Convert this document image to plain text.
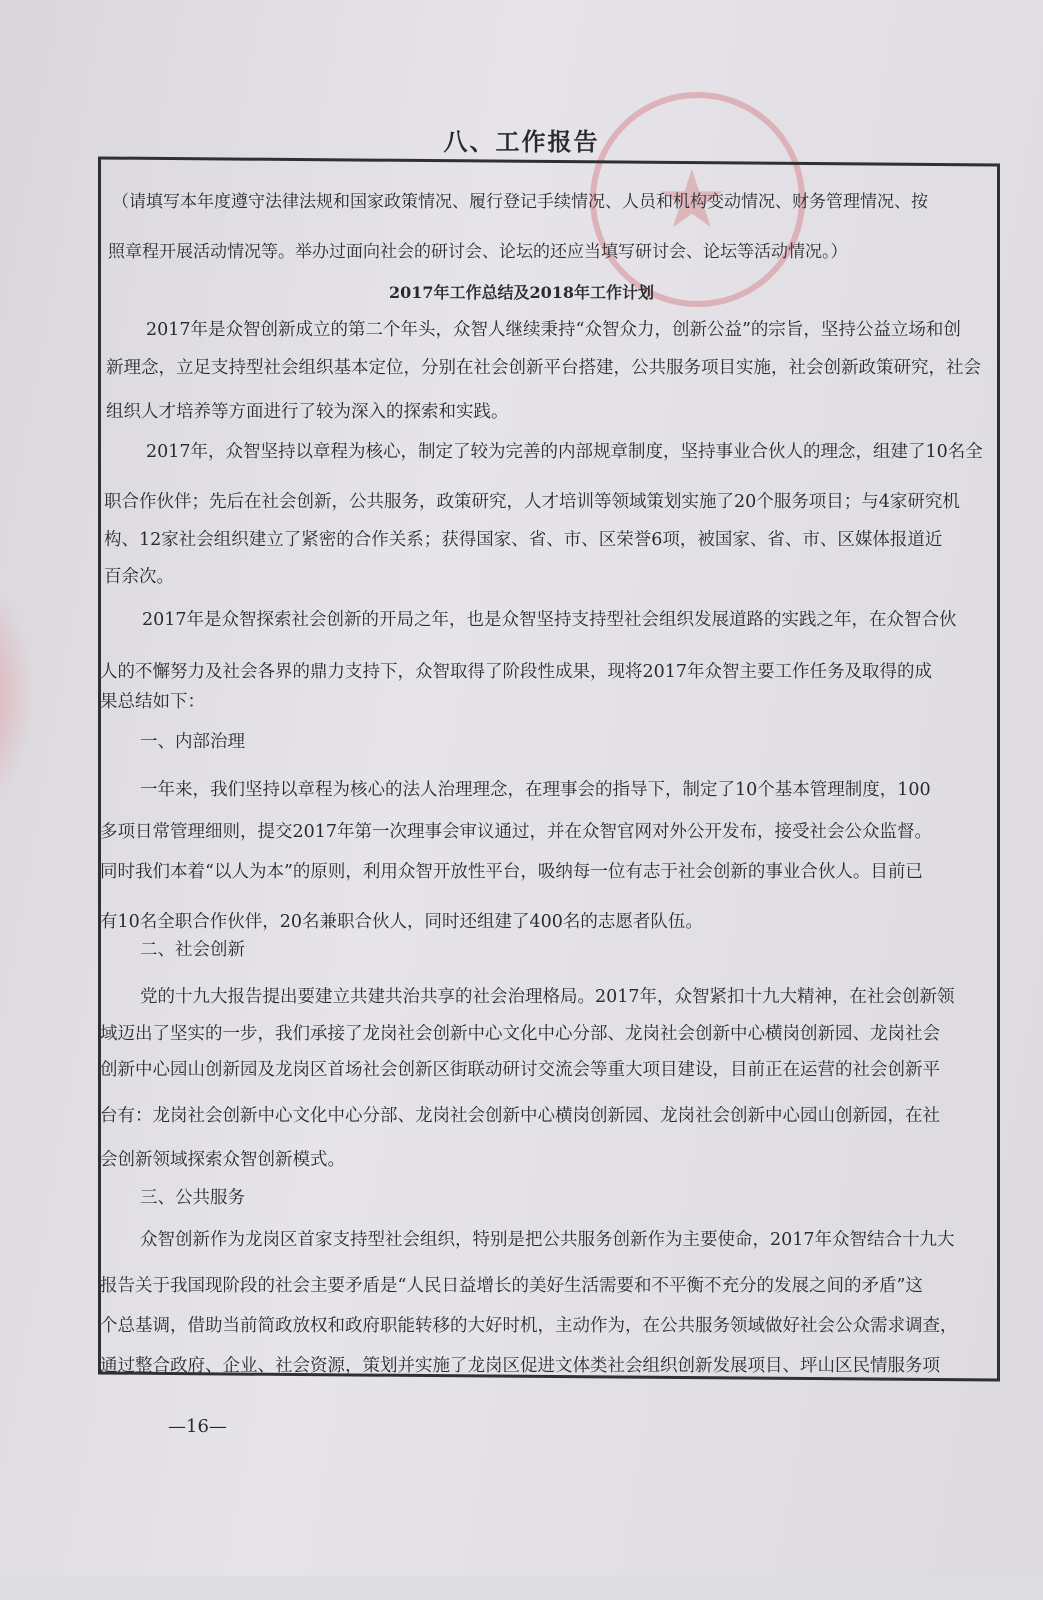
★
八、工作报告
（请填写本年度遵守法律法规和国家政策情况、履行登记手续情况、人员和机构变动情况、财务管理情况、按
照章程开展活动情况等。举办过面向社会的研讨会、论坛的还应当填写研讨会、论坛等活动情况。）
2017年工作总结及2018年工作计划
2017年是众智创新成立的第二个年头，众智人继续秉持“众智众力，创新公益”的宗旨，坚持公益立场和创
新理念，立足支持型社会组织基本定位，分别在社会创新平台搭建，公共服务项目实施，社会创新政策研究，社会
组织人才培养等方面进行了较为深入的探索和实践。
2017年，众智坚持以章程为核心，制定了较为完善的内部规章制度，坚持事业合伙人的理念，组建了10名全
职合作伙伴；先后在社会创新，公共服务，政策研究，人才培训等领域策划实施了20个服务项目；与4家研究机
构、12家社会组织建立了紧密的合作关系；获得国家、省、市、区荣誉6项，被国家、省、市、区媒体报道近
百余次。
2017年是众智探索社会创新的开局之年，也是众智坚持支持型社会组织发展道路的实践之年，在众智合伙
人的不懈努力及社会各界的鼎力支持下，众智取得了阶段性成果，现将2017年众智主要工作任务及取得的成
果总结如下：
一、内部治理
一年来，我们坚持以章程为核心的法人治理理念，在理事会的指导下，制定了10个基本管理制度，100
多项日常管理细则，提交2017年第一次理事会审议通过，并在众智官网对外公开发布，接受社会公众监督。
同时我们本着“以人为本”的原则，利用众智开放性平台，吸纳每一位有志于社会创新的事业合伙人。目前已
有10名全职合作伙伴，20名兼职合伙人，同时还组建了400名的志愿者队伍。
二、社会创新
党的十九大报告提出要建立共建共治共享的社会治理格局。2017年，众智紧扣十九大精神，在社会创新领
域迈出了坚实的一步，我们承接了龙岗社会创新中心文化中心分部、龙岗社会创新中心横岗创新园、龙岗社会
创新中心园山创新园及龙岗区首场社会创新区街联动研讨交流会等重大项目建设，目前正在运营的社会创新平
台有：龙岗社会创新中心文化中心分部、龙岗社会创新中心横岗创新园、龙岗社会创新中心园山创新园，在社
会创新领域探索众智创新模式。
三、公共服务
众智创新作为龙岗区首家支持型社会组织，特别是把公共服务创新作为主要使命，2017年众智结合十九大
报告关于我国现阶段的社会主要矛盾是“人民日益增长的美好生活需要和不平衡不充分的发展之间的矛盾”这
个总基调，借助当前简政放权和政府职能转移的大好时机，主动作为，在公共服务领域做好社会公众需求调查，
通过整合政府、企业、社会资源，策划并实施了龙岗区促进文体类社会组织创新发展项目、坪山区民情服务项
—16—
